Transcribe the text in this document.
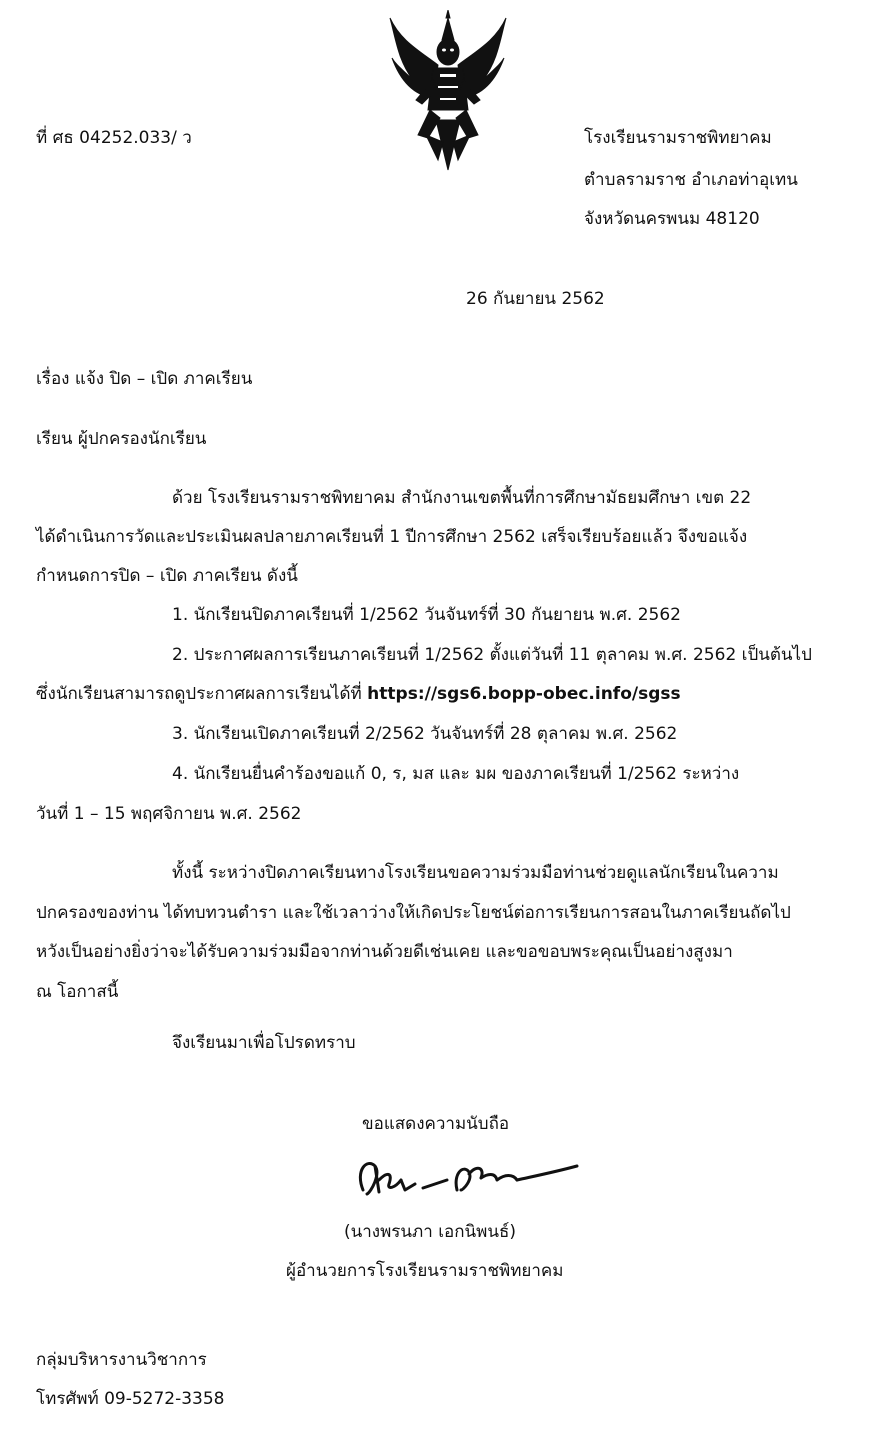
ที่ ศธ 04252.033/ ว	โรงเรียนรามราชพิทยาคม
ตำบลรามราช อำเภอท่าอุเทน
จังหวัดนครพนม 48120
26 กันยายน 2562
เรื่อง แจ้ง ปิด – เปิด ภาคเรียน
เรียน ผู้ปกครองนักเรียน
ด้วย โรงเรียนรามราชพิทยาคม สำนักงานเขตพื้นที่การศึกษามัธยมศึกษา เขต 22
ได้ดำเนินการวัดและประเมินผลปลายภาคเรียนที่ 1 ปีการศึกษา 2562 เสร็จเรียบร้อยแล้ว จึงขอแจ้ง
กำหนดการปิด – เปิด ภาคเรียน ดังนี้
1. นักเรียนปิดภาคเรียนที่ 1/2562 วันจันทร์ที่ 30 กันยายน พ.ศ. 2562
2. ประกาศผลการเรียนภาคเรียนที่ 1/2562 ตั้งแต่วันที่ 11 ตุลาคม พ.ศ. 2562 เป็นต้นไป
ซึ่งนักเรียนสามารถดูประกาศผลการเรียนได้ที่ https://sgs6.bopp-obec.info/sgss
3. นักเรียนเปิดภาคเรียนที่ 2/2562 วันจันทร์ที่ 28 ตุลาคม พ.ศ. 2562
4. นักเรียนยื่นคำร้องขอแก้ 0, ร, มส และ มผ ของภาคเรียนที่ 1/2562 ระหว่าง
วันที่ 1 – 15 พฤศจิกายน พ.ศ. 2562
ทั้งนี้ ระหว่างปิดภาคเรียนทางโรงเรียนขอความร่วมมือท่านช่วยดูแลนักเรียนในความ
ปกครองของท่าน ได้ทบทวนตำรา และใช้เวลาว่างให้เกิดประโยชน์ต่อการเรียนการสอนในภาคเรียนถัดไป
หวังเป็นอย่างยิ่งว่าจะได้รับความร่วมมือจากท่านด้วยดีเช่นเคย และขอขอบพระคุณเป็นอย่างสูงมา
ณ โอกาสนี้
จึงเรียนมาเพื่อโปรดทราบ
ขอแสดงความนับถือ
(นางพรนภา เอกนิพนธ์)
ผู้อำนวยการโรงเรียนรามราชพิทยาคม
กลุ่มบริหารงานวิชาการ
โทรศัพท์ 09-5272-3358
